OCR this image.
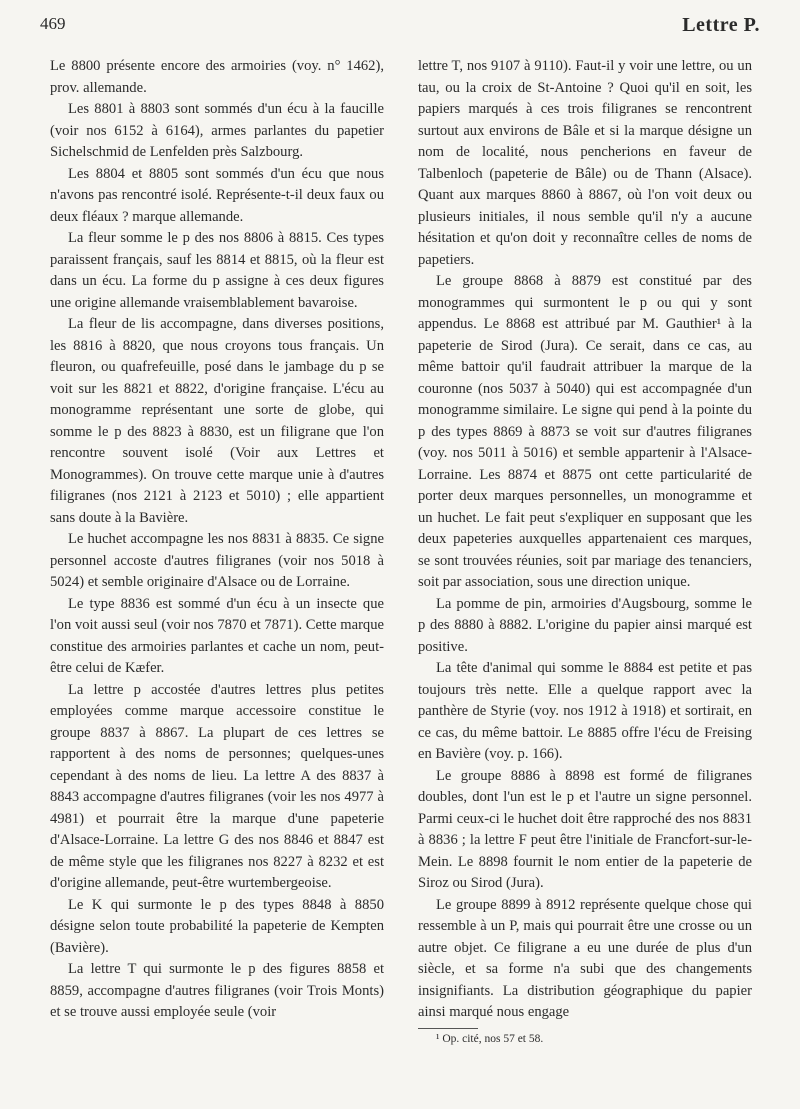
469	Lettre P.

Le 8800 présente encore des armoiries (voy. n° 1462), prov. allemande.

Les 8801 à 8803 sont sommés d'un écu à la faucille (voir nos 6152 à 6164), armes parlantes du papetier Sichelschmid de Lenfelden près Salzbourg.

Les 8804 et 8805 sont sommés d'un écu que nous n'avons pas rencontré isolé. Représente-t-il deux faux ou deux fléaux ? marque allemande.

La fleur somme le p des nos 8806 à 8815. Ces types paraissent français, sauf les 8814 et 8815, où la fleur est dans un écu. La forme du p assigne à ces deux figures une origine allemande vraisemblablement bavaroise.

La fleur de lis accompagne, dans diverses positions, les 8816 à 8820, que nous croyons tous français. Un fleuron, ou quafrefeuille, posé dans le jambage du p se voit sur les 8821 et 8822, d'origine française. L'écu au monogramme représentant une sorte de globe, qui somme le p des 8823 à 8830, est un filigrane que l'on rencontre souvent isolé (Voir aux Lettres et Monogrammes). On trouve cette marque unie à d'autres filigranes (nos 2121 à 2123 et 5010) ; elle appartient sans doute à la Bavière.

Le huchet accompagne les nos 8831 à 8835. Ce signe personnel accoste d'autres filigranes (voir nos 5018 à 5024) et semble originaire d'Alsace ou de Lorraine.

Le type 8836 est sommé d'un écu à un insecte que l'on voit aussi seul (voir nos 7870 et 7871). Cette marque constitue des armoiries parlantes et cache un nom, peut-être celui de Kæfer.

La lettre p accostée d'autres lettres plus petites employées comme marque accessoire constitue le groupe 8837 à 8867. La plupart de ces lettres se rapportent à des noms de personnes; quelques-unes cependant à des noms de lieu. La lettre A des 8837 à 8843 accompagne d'autres filigranes (voir les nos 4977 à 4981) et pourrait être la marque d'une papeterie d'Alsace-Lorraine. La lettre G des nos 8846 et 8847 est de même style que les filigranes nos 8227 à 8232 et est d'origine allemande, peut-être wurtembergeoise.

Le K qui surmonte le p des types 8848 à 8850 désigne selon toute probabilité la papeterie de Kempten (Bavière).

La lettre T qui surmonte le p des figures 8858 et 8859, accompagne d'autres filigranes (voir Trois Monts) et se trouve aussi employée seule (voir

lettre T, nos 9107 à 9110). Faut-il y voir une lettre, ou un tau, ou la croix de St-Antoine ? Quoi qu'il en soit, les papiers marqués à ces trois filigranes se rencontrent surtout aux environs de Bâle et si la marque désigne un nom de localité, nous pencherions en faveur de Talbenloch (papeterie de Bâle) ou de Thann (Alsace). Quant aux marques 8860 à 8867, où l'on voit deux ou plusieurs initiales, il nous semble qu'il n'y a aucune hésitation et qu'on doit y reconnaître celles de noms de papetiers.

Le groupe 8868 à 8879 est constitué par des monogrammes qui surmontent le p ou qui y sont appendus. Le 8868 est attribué par M. Gauthier¹ à la papeterie de Sirod (Jura). Ce serait, dans ce cas, au même battoir qu'il faudrait attribuer la marque de la couronne (nos 5037 à 5040) qui est accompagnée d'un monogramme similaire. Le signe qui pend à la pointe du p des types 8869 à 8873 se voit sur d'autres filigranes (voy. nos 5011 à 5016) et semble appartenir à l'Alsace-Lorraine. Les 8874 et 8875 ont cette particularité de porter deux marques personnelles, un monogramme et un huchet. Le fait peut s'expliquer en supposant que les deux papeteries auxquelles appartenaient ces marques, se sont trouvées réunies, soit par mariage des tenanciers, soit par association, sous une direction unique.

La pomme de pin, armoiries d'Augsbourg, somme le p des 8880 à 8882. L'origine du papier ainsi marqué est positive.

La tête d'animal qui somme le 8884 est petite et pas toujours très nette. Elle a quelque rapport avec la panthère de Styrie (voy. nos 1912 à 1918) et sortirait, en ce cas, du même battoir. Le 8885 offre l'écu de Freising en Bavière (voy. p. 166).

Le groupe 8886 à 8898 est formé de filigranes doubles, dont l'un est le p et l'autre un signe personnel. Parmi ceux-ci le huchet doit être rapproché des nos 8831 à 8836 ; la lettre F peut être l'initiale de Francfort-sur-le-Mein. Le 8898 fournit le nom entier de la papeterie de Siroz ou Sirod (Jura).

Le groupe 8899 à 8912 représente quelque chose qui ressemble à un P, mais qui pourrait être une crosse ou un autre objet. Ce filigrane a eu une durée de plus d'un siècle, et sa forme n'a subi que des changements insignifiants. La distribution géographique du papier ainsi marqué nous engage

¹ Op. cité, nos 57 et 58.
